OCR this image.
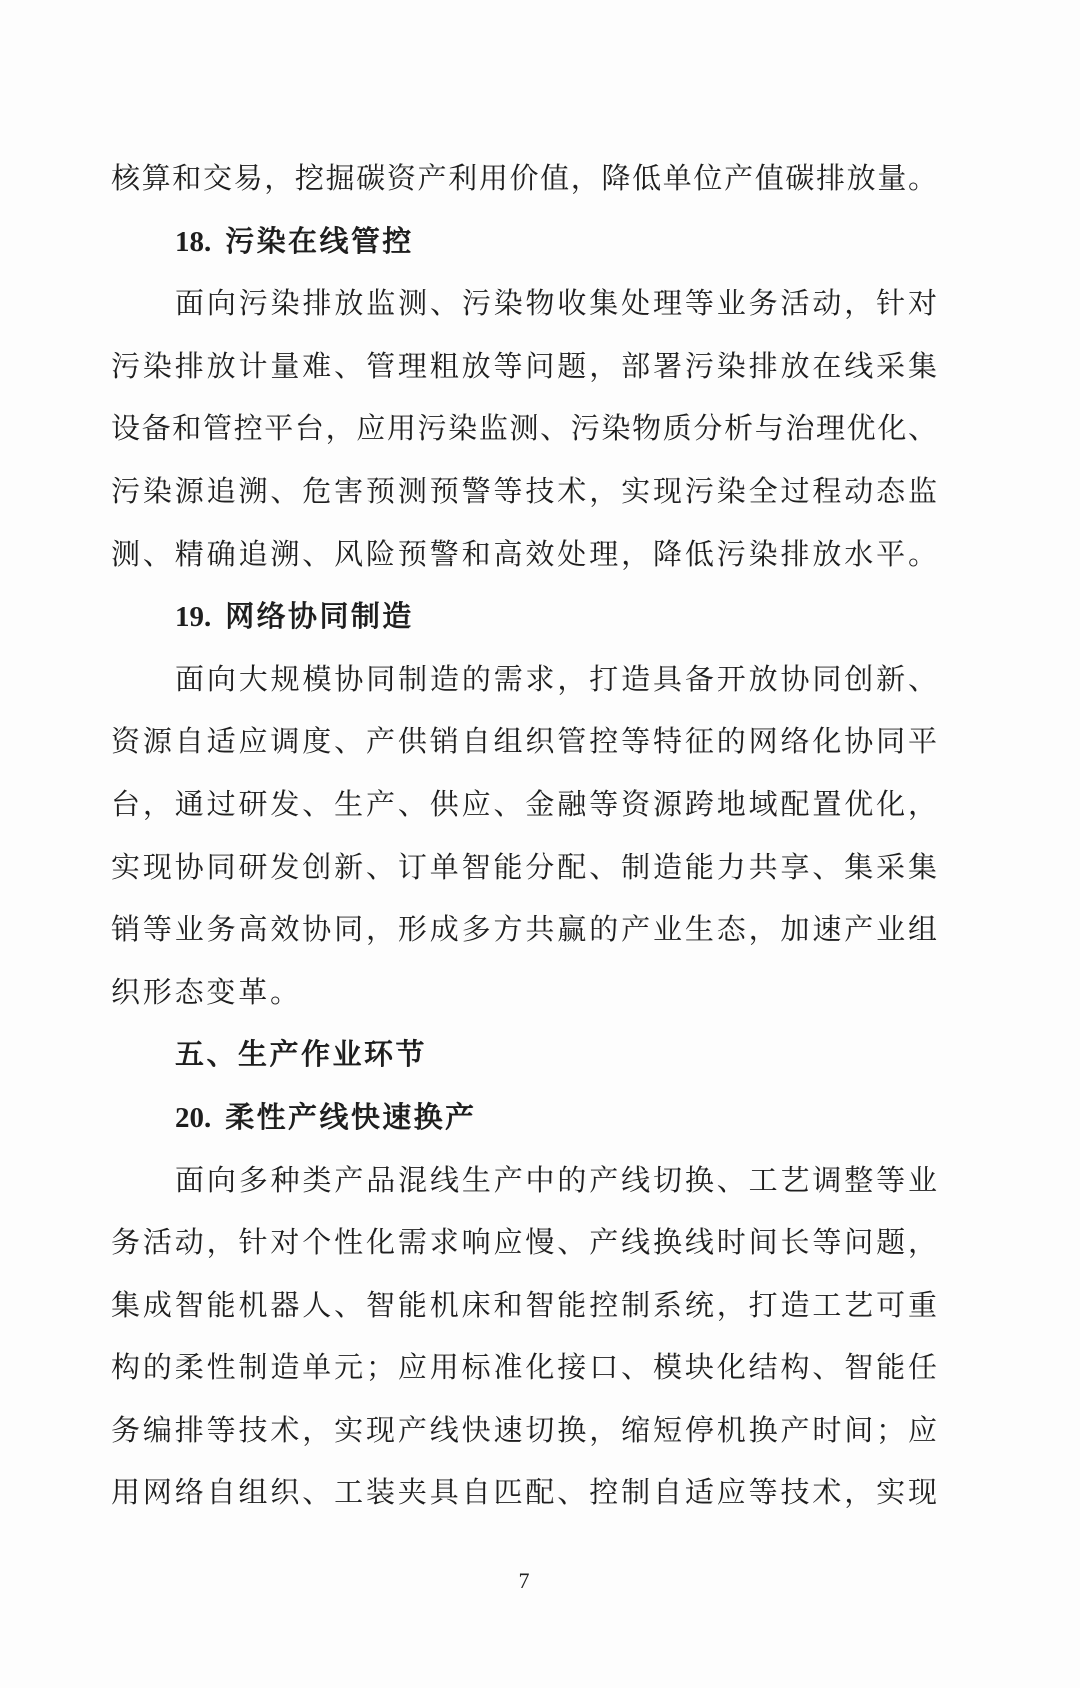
核算和交易，挖掘碳资产利用价值，降低单位产值碳排放量。
18. 污染在线管控
面向污染排放监测、污染物收集处理等业务活动，针对
污染排放计量难、管理粗放等问题，部署污染排放在线采集
设备和管控平台，应用污染监测、污染物质分析与治理优化、
污染源追溯、危害预测预警等技术，实现污染全过程动态监
测、精确追溯、风险预警和高效处理，降低污染排放水平。
19. 网络协同制造
面向大规模协同制造的需求，打造具备开放协同创新、
资源自适应调度、产供销自组织管控等特征的网络化协同平
台，通过研发、生产、供应、金融等资源跨地域配置优化，
实现协同研发创新、订单智能分配、制造能力共享、集采集
销等业务高效协同，形成多方共赢的产业生态，加速产业组
织形态变革。
五、生产作业环节
20. 柔性产线快速换产
面向多种类产品混线生产中的产线切换、工艺调整等业
务活动，针对个性化需求响应慢、产线换线时间长等问题，
集成智能机器人、智能机床和智能控制系统，打造工艺可重
构的柔性制造单元；应用标准化接口、模块化结构、智能任
务编排等技术，实现产线快速切换，缩短停机换产时间；应
用网络自组织、工装夹具自匹配、控制自适应等技术，实现
7
